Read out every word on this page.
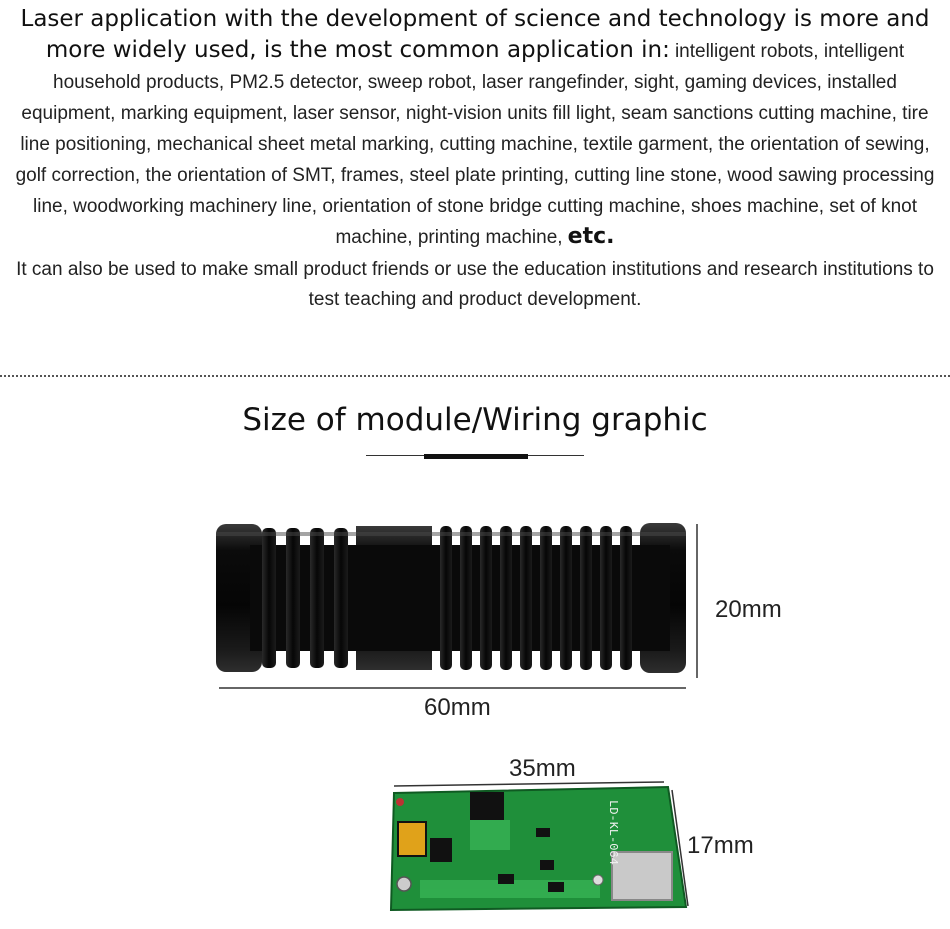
Laser application with the development of science and technology is more and more widely used, is the most common application in: intelligent robots, intelligent household products, PM2.5 detector, sweep robot, laser rangefinder, sight, gaming devices, installed equipment, marking equipment, laser sensor, night-vision units fill light, seam sanctions cutting machine, tire line positioning, mechanical sheet metal marking, cutting machine, textile garment, the orientation of sewing, golf correction, the orientation of SMT, frames, steel plate printing, cutting line stone, wood sawing processing line, woodworking machinery line, orientation of stone bridge cutting machine, shoes machine, set of knot machine, printing machine, etc.
It can also be used to make small product friends or use the education institutions and research institutions to test teaching and product development.
Size of module/Wiring graphic
LD-KL-064
20mm
60mm
35mm
17mm
